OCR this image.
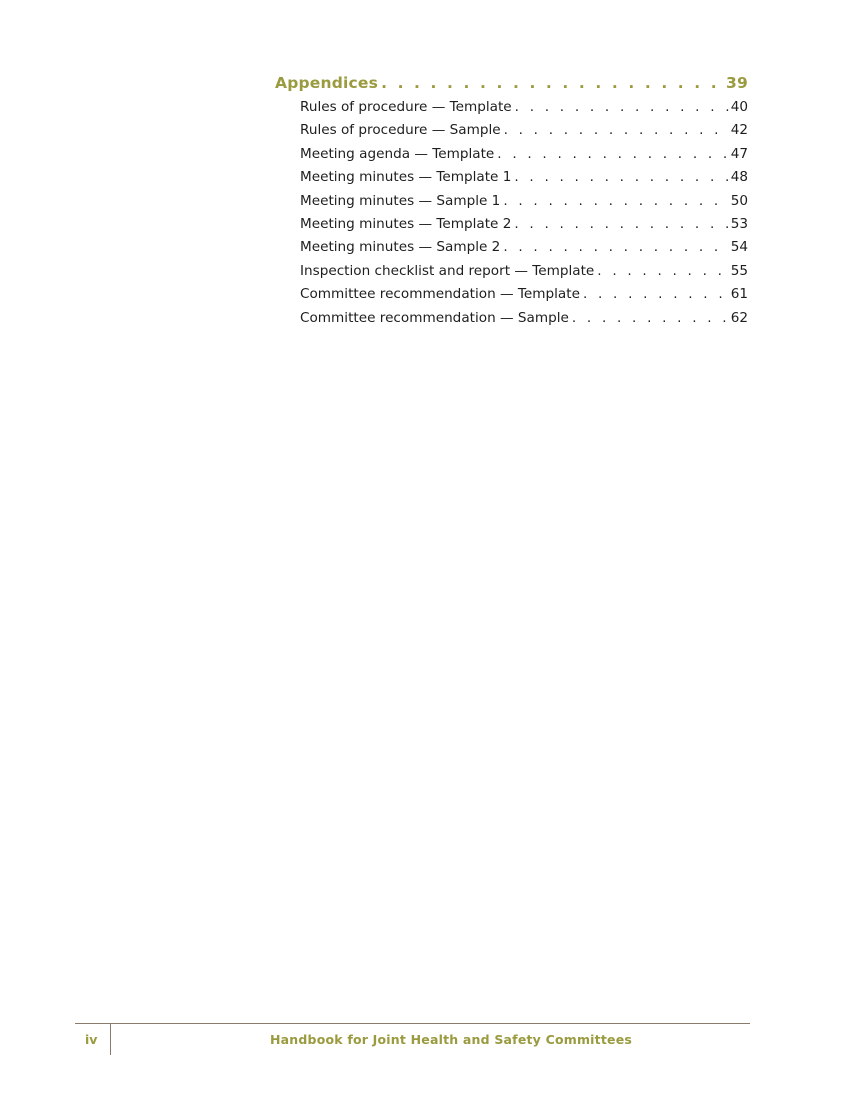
Appendices . . .	39
Rules of procedure — Template . . .	40
Rules of procedure — Sample . . .	42
Meeting agenda — Template . . .	47
Meeting minutes — Template 1 . . .	48
Meeting minutes — Sample 1 . . .	50
Meeting minutes — Template 2 . . .	53
Meeting minutes — Sample 2 . . .	54
Inspection checklist and report — Template . . .	55
Committee recommendation — Template . . .	61
Committee recommendation — Sample . . .	62
iv	Handbook for Joint Health and Safety Committees
